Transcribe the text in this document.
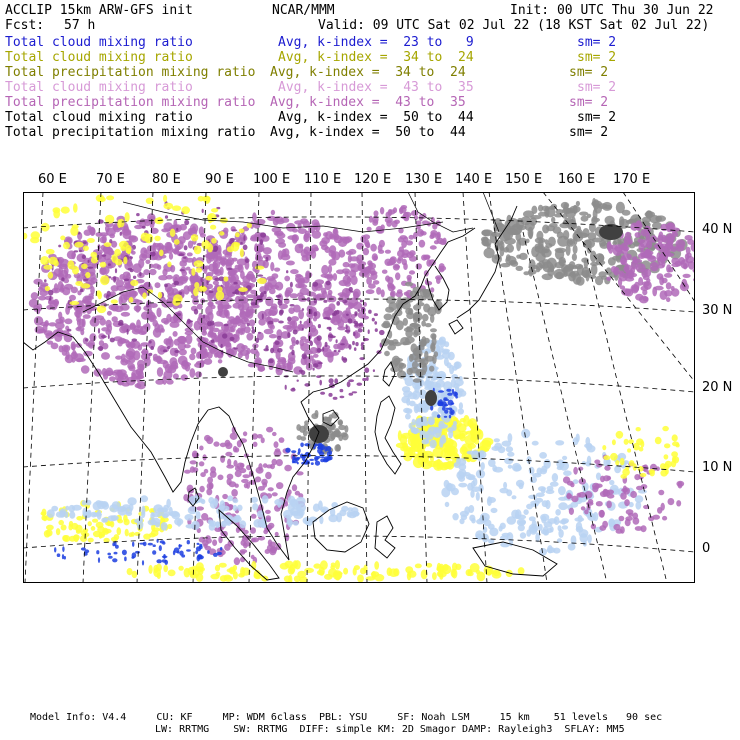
ACCLIP 15km ARW-GFS init	NCAR/MMM	Init: 00 UTC Thu 30 Jun 22
Fcst: 57 h	Valid: 09 UTC Sat 02 Jul 22 (18 KST Sat 02 Jul 22)
Total cloud mixing ratio	Avg, k-index =  23 to   9	sm= 2
Total cloud mixing ratio	Avg, k-index =  34 to  24	sm= 2
Total precipitation mixing ratio Avg, k-index =  34 to  24	sm= 2
Total cloud mixing ratio	Avg, k-index =  43 to  35	sm= 2
Total precipitation mixing ratio Avg, k-index =  43 to  35	sm= 2
Total cloud mixing ratio	Avg, k-index =  50 to  44	sm= 2
Total precipitation mixing ratio Avg, k-index =  50 to  44	sm= 2
60 E 70 E 80 E 90 E 100 E 110 E 120 E 130 E 140 E 150 E 160 E 170 E
40 N
30 N
20 N
10 N
0
Model Info: V4.4     CU: KF     MP: WDM 6class  PBL: YSU     SF: Noah LSM     15 km    51 levels   90 sec
LW: RRTMG    SW: RRTMG  DIFF: simple KM: 2D Smagor DAMP: Rayleigh3  SFLAY: MM5
